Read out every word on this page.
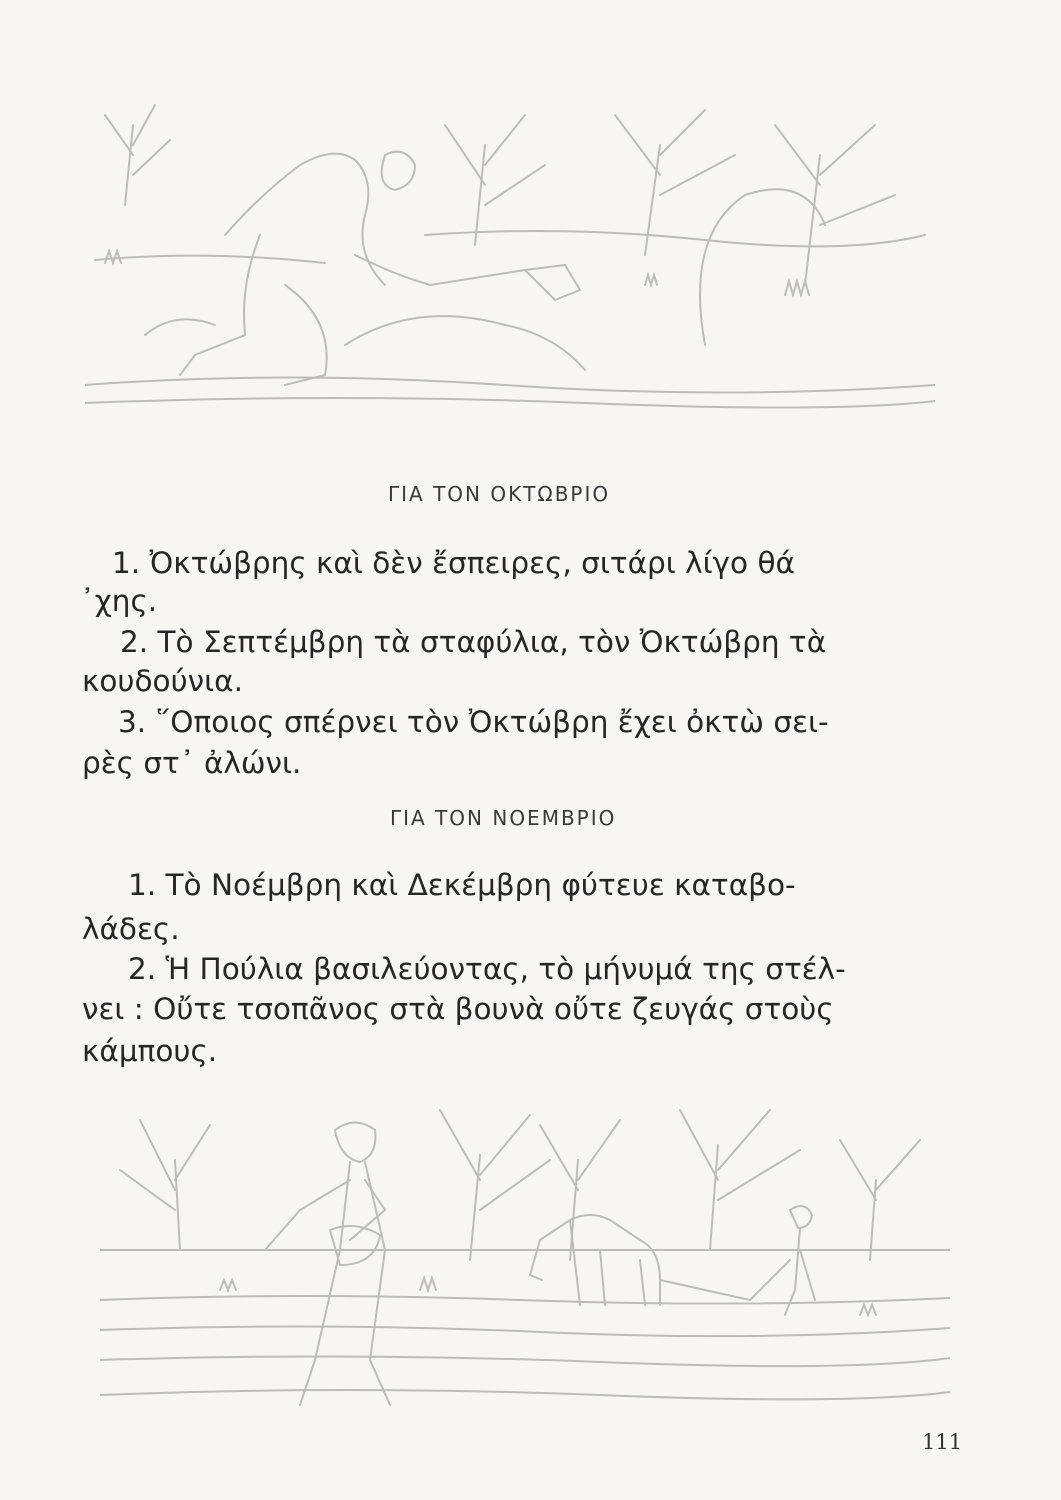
ΓΙΑ ΤΟΝ ΟΚΤΩΒΡΙΟ
1. Ὀκτώβρης καὶ δὲν ἔσπειρες, σιτάρι λίγο θά
᾽χης.
2. Τὸ Σεπτέμβρη τὰ σταφύλια, τὸν Ὀκτώβρη τὰ
κουδούνια.
3. ῞Οποιος σπέρνει τὸν Ὀκτώβρη ἔχει ὀκτὼ σει-
ρὲς στ᾽ ἀλώνι.
ΓΙΑ ΤΟΝ ΝΟΕΜΒΡΙΟ
1. Τὸ Νοέμβρη καὶ Δεκέμβρη φύτευε καταβο-
λάδες.
2. Ἡ Πούλια βασιλεύοντας, τὸ μήνυμά της στέλ-
νει : Οὔτε τσοπᾶνος στὰ βουνὰ οὔτε ζευγάς στοὺς
κάμπους.
111
